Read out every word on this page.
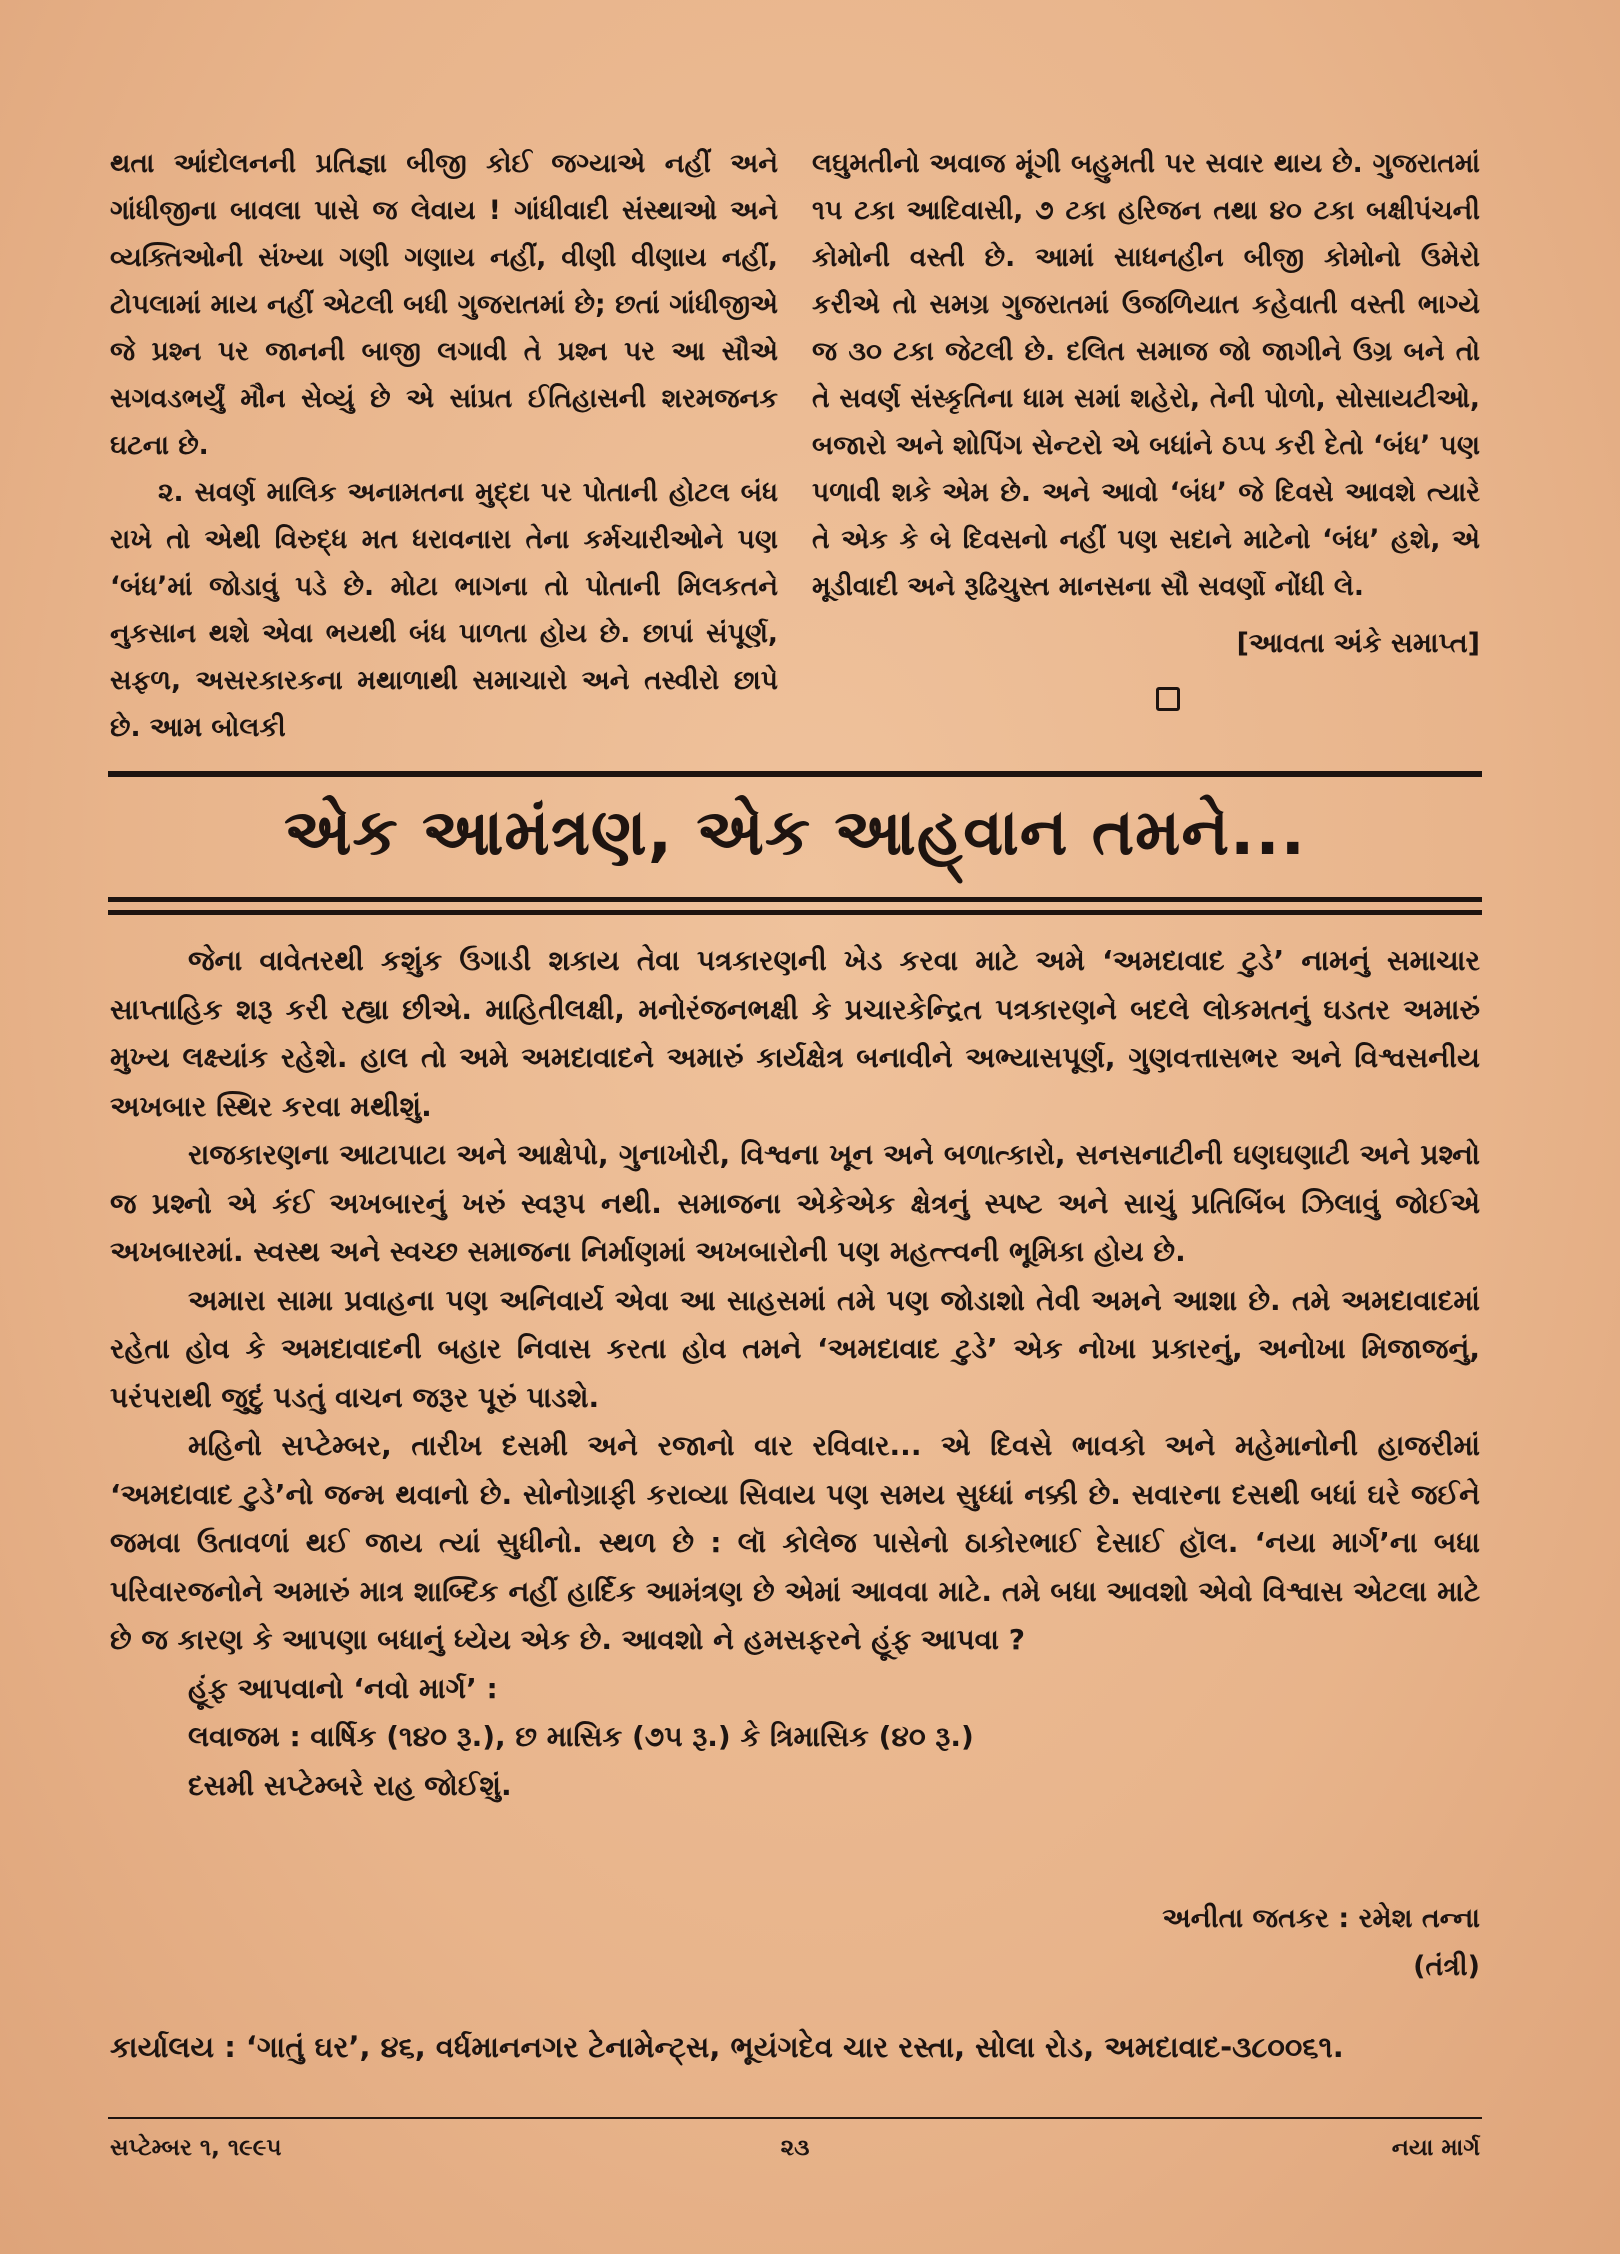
થતા આંદોલનની પ્રતિજ્ઞા બીજી કોઈ જગ્યાએ નહીં અને ગાંધીજીના બાવલા પાસે જ લેવાય ! ગાંધીવાદી સંસ્થાઓ અને વ્યક્તિઓની સંખ્યા ગણી ગણાય નહીં, વીણી વીણાય નહીં, ટોપલામાં માય નહીં એટલી બધી ગુજરાતમાં છે; છતાં ગાંધીજીએ જે પ્રશ્ન પર જાનની બાજી લગાવી તે પ્રશ્ન પર આ સૌએ સગવડભર્યું મૌન સેવ્યું છે એ સાંપ્રત ઈતિહાસની શરમજનક ઘટના છે.

૨. સવર્ણ માલિક અનામતના મુદ્દા પર પોતાની હોટલ બંધ રાખે તો એથી વિરુદ્ધ મત ધરાવનારા તેના કર્મચારીઓને પણ ‘બંધ’માં જોડાવું પડે છે. મોટા ભાગના તો પોતાની મિલકતને નુકસાન થશે એવા ભયથી બંધ પાળતા હોય છે. છાપાં સંપૂર્ણ, સફળ, અસરકારકના મથાળાથી સમાચારો અને તસ્વીરો છાપે છે. આમ બોલકી

લઘુમતીનો અવાજ મૂંગી બહુમતી પર સવાર થાય છે. ગુજરાતમાં ૧૫ ટકા આદિવાસી, ૭ ટકા હરિજન તથા ૪૦ ટકા બક્ષીપંચની કોમોની વસ્તી છે. આમાં સાધનહીન બીજી કોમોનો ઉમેરો કરીએ તો સમગ્ર ગુજરાતમાં ઉજળિયાત કહેવાતી વસ્તી ભાગ્યે જ ૩૦ ટકા જેટલી છે. દલિત સમાજ જો જાગીને ઉગ્ર બને તો તે સવર્ણ સંસ્કૃતિના ધામ સમાં શહેરો, તેની પોળો, સોસાયટીઓ, બજારો અને શોપિંગ સેન્ટરો એ બધાંને ઠપ્પ કરી દેતો ‘બંધ’ પણ પળાવી શકે એમ છે. અને આવો ‘બંધ’ જે દિવસે આવશે ત્યારે તે એક કે બે દિવસનો નહીં પણ સદાને માટેનો ‘બંધ’ હશે, એ મૂડીવાદી અને રૂઢિચુસ્ત માનસના સૌ સવર્ણો નોંધી લે.

[આવતા અંકે સમાપ્ત]
એક આમંત્રણ, એક આહ્‌વાન તમને...

જેના વાવેતરથી કશુંક ઉગાડી શકાય તેવા પત્રકારણની ખેડ કરવા માટે અમે ‘અમદાવાદ ટુડે’ નામનું સમાચાર સાપ્તાહિક શરૂ કરી રહ્યા છીએ. માહિતીલક્ષી, મનોરંજનભક્ષી કે પ્રચારકેન્દ્રિત પત્રકારણને બદલે લોકમતનું ઘડતર અમારું મુખ્ય લક્ષ્યાંક રહેશે. હાલ તો અમે અમદાવાદને અમારું કાર્યક્ષેત્ર બનાવીને અભ્યાસપૂર્ણ, ગુણવત્તાસભર અને વિશ્વસનીય અખબાર સ્થિર કરવા મથીશું.

રાજકારણના આટાપાટા અને આક્ષેપો, ગુનાખોરી, વિશ્વના ખૂન અને બળાત્કારો, સનસનાટીની ઘણઘણાટી અને પ્રશ્નો જ પ્રશ્નો એ કંઈ અખબારનું ખરું સ્વરૂપ નથી. સમાજના એકેએક ક્ષેત્રનું સ્પષ્ટ અને સાચું પ્રતિબિંબ ઝિલાવું જોઈએ અખબારમાં. સ્વસ્થ અને સ્વચ્છ સમાજના નિર્માણમાં અખબારોની પણ મહત્ત્વની ભૂમિકા હોય છે.

અમારા સામા પ્રવાહના પણ અનિવાર્ય એવા આ સાહસમાં તમે પણ જોડાશો તેવી અમને આશા છે. તમે અમદાવાદમાં રહેતા હોવ કે અમદાવાદની બહાર નિવાસ કરતા હોવ તમને ‘અમદાવાદ ટુડે’ એક નોખા પ્રકારનું, અનોખા મિજાજનું, પરંપરાથી જુદું પડતું વાચન જરૂર પૂરું પાડશે.

મહિનો સપ્ટેમ્બર, તારીખ દસમી અને રજાનો વાર રવિવાર... એ દિવસે ભાવકો અને મહેમાનોની હાજરીમાં ‘અમદાવાદ ટુડે’નો જન્મ થવાનો છે. સોનોગ્રાફી કરાવ્યા સિવાય પણ સમય સુધ્ધાં નક્કી છે. સવારના દસથી બધાં ઘરે જઈને જમવા ઉતાવળાં થઈ જાય ત્યાં સુધીનો. સ્થળ છે : લૉ કોલેજ પાસેનો ઠાકોરભાઈ દેસાઈ હૉલ. ‘નયા માર્ગ’ના બધા પરિવારજનોને અમારું માત્ર શાબ્દિક નહીં હાર્દિક આમંત્રણ છે એમાં આવવા માટે. તમે બધા આવશો એવો વિશ્વાસ એટલા માટે છે જ કારણ કે આપણા બધાનું ધ્યેય એક છે. આવશો ને હમસફરને હૂંફ આપવા ?

હૂંફ આપવાનો ‘નવો માર્ગ’ :
લવાજમ : વાર્ષિક (૧૪૦ રૂ.), છ માસિક (૭૫ રૂ.) કે ત્રિમાસિક (૪૦ રૂ.)
દસમી સપ્ટેમ્બરે રાહ જોઈશું.
અનીતા જતકર : રમેશ તન્ના
(તંત્રી)
કાર્યાલય : ‘ગાતું ઘર’, ૪૬, વર્ધમાનનગર ટેનામેન્ટ્સ, ભૂયંગદેવ ચાર રસ્તા, સોલા રોડ, અમદાવાદ-૩૮૦૦૬૧.
સપ્ટેમ્બર ૧, ૧૯૯૫	૨૩	નયા માર્ગ
